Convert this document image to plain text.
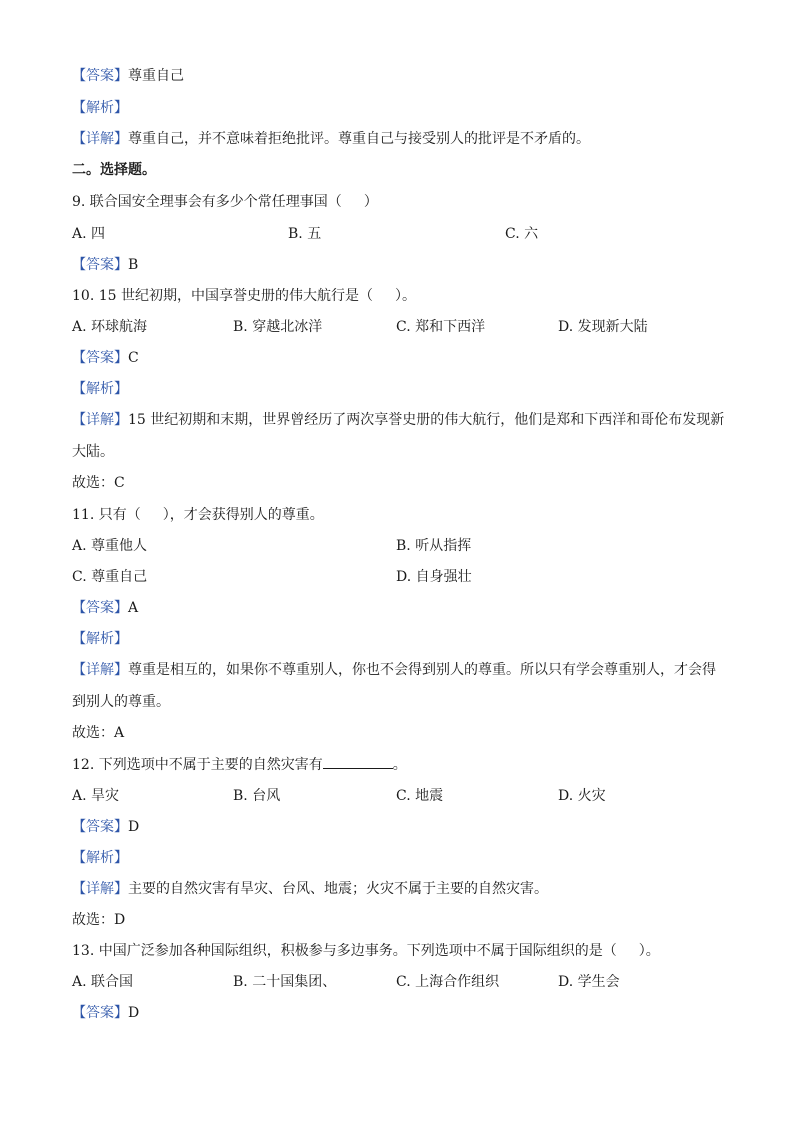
【答案】尊重自己
【解析】
【详解】尊重自己，并不意味着拒绝批评。尊重自己与接受别人的批评是不矛盾的。
二。选择题。
9. 联合国安全理事会有多少个常任理事国（ ）
A. 四	B. 五	C. 六
【答案】B
10. 15 世纪初期，中国享誉史册的伟大航行是（ ）。
A. 环球航海	B. 穿越北冰洋	C. 郑和下西洋	D. 发现新大陆
【答案】C
【解析】
【详解】15 世纪初期和末期，世界曾经历了两次享誉史册的伟大航行，他们是郑和下西洋和哥伦布发现新
大陆。
故选：C
11. 只有（ ），才会获得别人的尊重。
A. 尊重他人	B. 听从指挥
C. 尊重自己	D. 自身强壮
【答案】A
【解析】
【详解】尊重是相互的，如果你不尊重别人，你也不会得到别人的尊重。所以只有学会尊重别人，才会得
到别人的尊重。
故选：A
12. 下列选项中不属于主要的自然灾害有	。
A. 旱灾	B. 台风	C. 地震	D. 火灾
【答案】D
【解析】
【详解】主要的自然灾害有旱灾、台风、地震；火灾不属于主要的自然灾害。
故选：D
13. 中国广泛参加各种国际组织，积极参与多边事务。下列选项中不属于国际组织的是（ ）。
A. 联合国	B. 二十国集团、	C. 上海合作组织	D. 学生会
【答案】D
